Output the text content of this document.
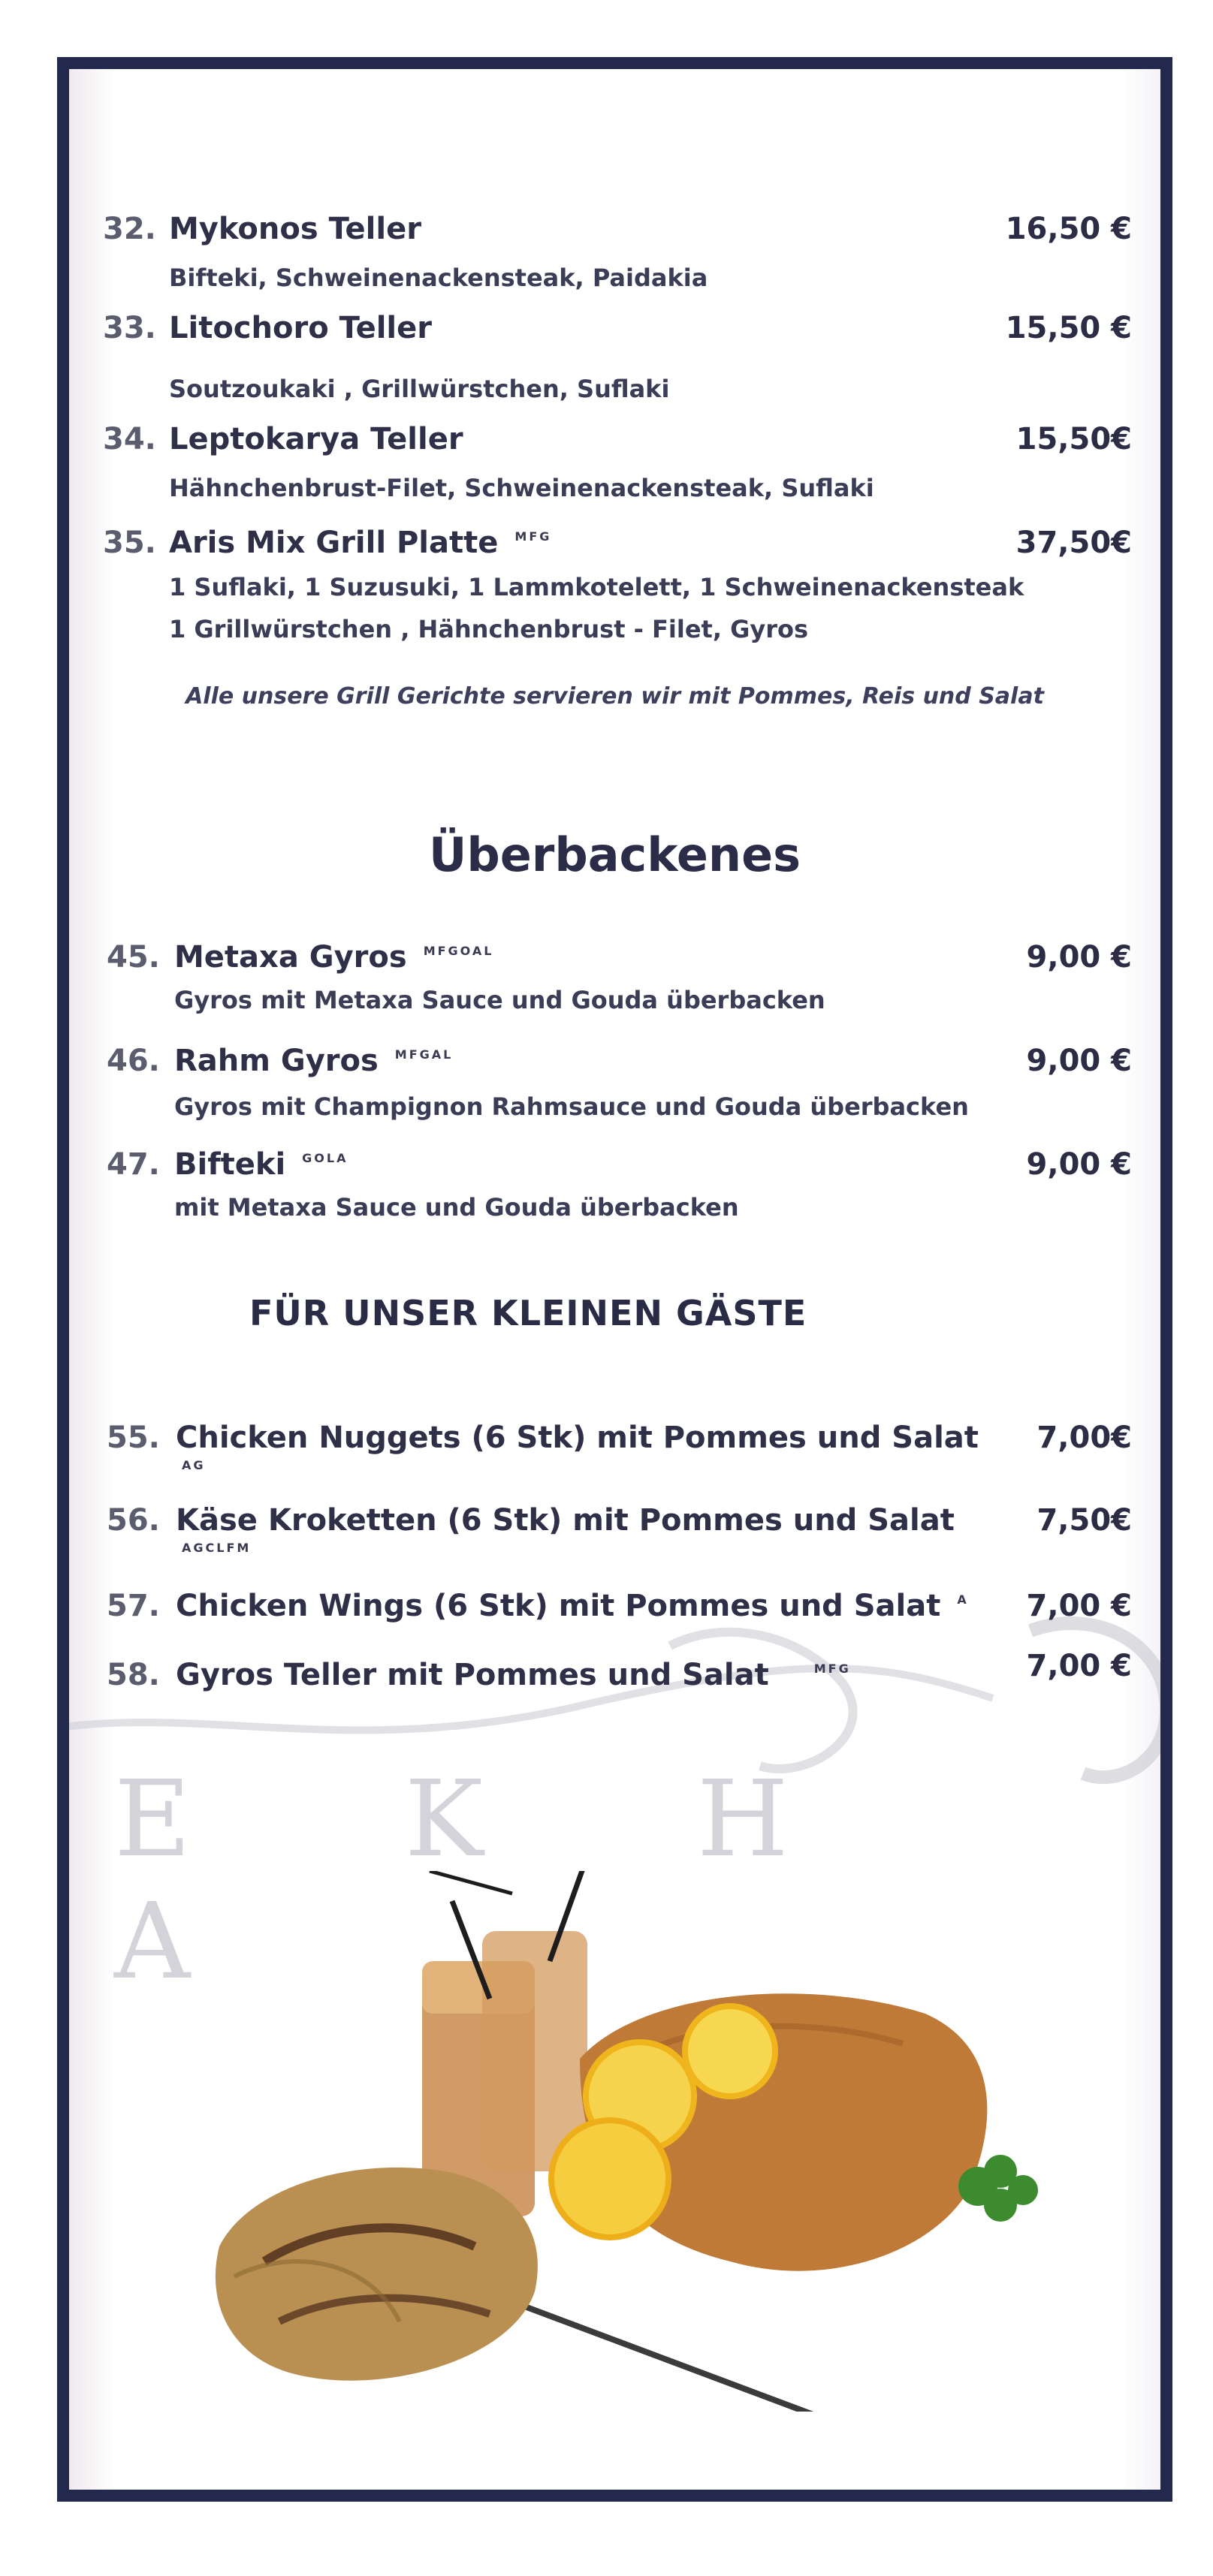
E K H A
32. Mykonos Teller	16,50 €
Bifteki, Schweinenackensteak, Paidakia
33. Litochoro Teller	15,50 €
Soutzoukaki , Grillwürstchen, Suflaki
34. Leptokarya Teller	15,50€
Hähnchenbrust-Filet, Schweinenackensteak, Suflaki
35. Aris Mix Grill Platte MFG	37,50€
1 Suflaki, 1 Suzusuki, 1 Lammkotelett, 1 Schweinenackensteak
1 Grillwürstchen , Hähnchenbrust - Filet, Gyros
Alle unsere Grill Gerichte servieren wir mit Pommes, Reis und Salat
Überbackenes
45. Metaxa Gyros MFGOAL	9,00 €
Gyros mit Metaxa Sauce und Gouda überbacken
46. Rahm Gyros MFGAL	9,00 €
Gyros mit Champignon Rahmsauce und Gouda überbacken
47. Bifteki GOLA	9,00 €
mit Metaxa Sauce und Gouda überbacken
FÜR UNSER KLEINEN GÄSTE
55. Chicken Nuggets (6 Stk) mit Pommes und Salat 7,00€
AG
56. Käse Kroketten (6 Stk) mit Pommes und Salat	7,50€
AGCLFM
57. Chicken Wings (6 Stk) mit Pommes und Salat A 7,00 €
58. Gyros Teller mit Pommes und Salat	MFG	7,00 €
